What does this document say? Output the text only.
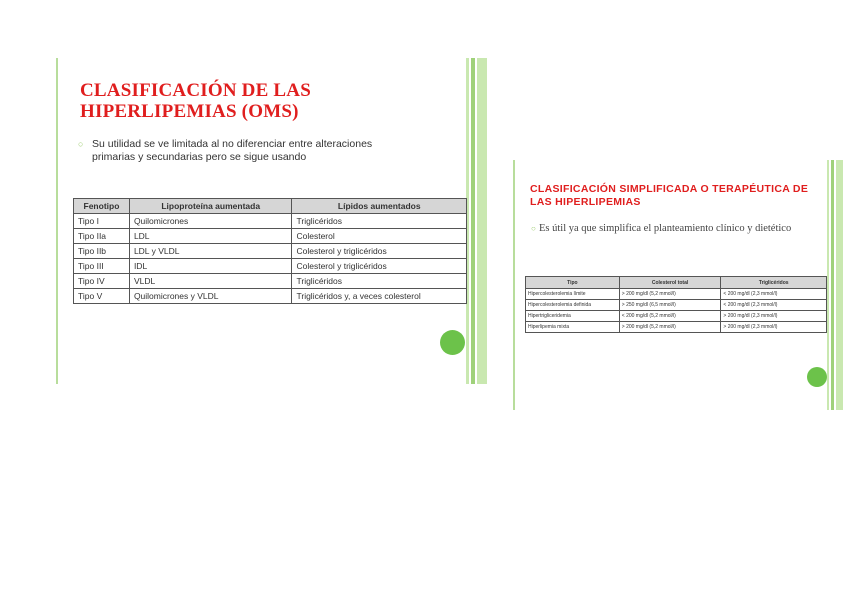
CLASIFICACIÓN DE LAS HIPERLIPEMIAS (OMS)
○ Su utilidad se ve limitada al no diferenciar entre alteraciones primarias y secundarias pero se sigue usando
Fenotipo	Lipoproteína aumentada	Lípidos aumentados
Tipo I	Quilomicrones	Triglicéridos
Tipo IIa	LDL	Colesterol
Tipo IIb	LDL y VLDL	Colesterol y triglicéridos
Tipo III	IDL	Colesterol y triglicéridos
Tipo IV	VLDL	Triglicéridos
Tipo V	Quilomicrones y VLDL	Triglicéridos y, a veces colesterol
CLASIFICACIÓN SIMPLIFICADA O TERAPÉUTICA DE LAS HIPERLIPEMIAS
○ Es útil ya que simplifica el planteamiento clínico y dietético
Tipo	Colesterol total	Triglicéridos
Hipercolesterolemia límite	> 200 mg/dl (5,2 mmol/l)	< 200 mg/dl (2,3 mmol/l)
Hipercolesterolemia definida	> 250 mg/dl (6,5 mmol/l)	< 200 mg/dl (2,3 mmol/l)
Hipertrigliceridemia	< 200 mg/dl (5,2 mmol/l)	> 200 mg/dl (2,3 mmol/l)
Hiperlipemia mixta	> 200 mg/dl (5,2 mmol/l)	> 200 mg/dl (2,3 mmol/l)
